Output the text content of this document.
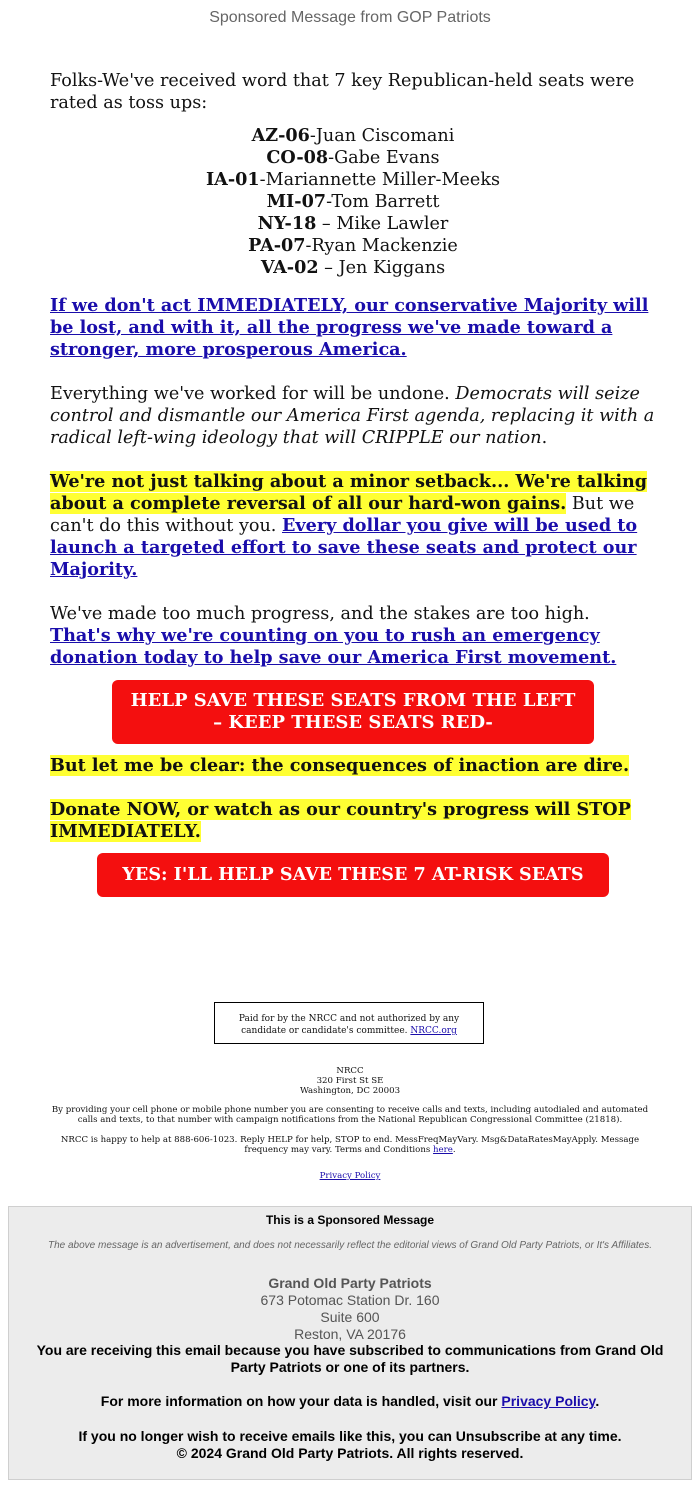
Sponsored Message from GOP Patriots

Folks-We've received word that 7 key Republican-held seats were rated as toss ups:

AZ-06-Juan Ciscomani
CO-08-Gabe Evans
IA-01-Mariannette Miller-Meeks
MI-07-Tom Barrett
NY-18 – Mike Lawler
PA-07-Ryan Mackenzie
VA-02 – Jen Kiggans

If we don't act IMMEDIATELY, our conservative Majority will be lost, and with it, all the progress we've made toward a stronger, more prosperous America.

Everything we've worked for will be undone. Democrats will seize control and dismantle our America First agenda, replacing it with a radical left-wing ideology that will CRIPPLE our nation.

We're not just talking about a minor setback... We're talking about a complete reversal of all our hard-won gains. But we can't do this without you. Every dollar you give will be used to launch a targeted effort to save these seats and protect our Majority.

We've made too much progress, and the stakes are too high. That's why we're counting on you to rush an emergency donation today to help save our America First movement.

HELP SAVE THESE SEATS FROM THE LEFT
– KEEP THESE SEATS RED-

But let me be clear: the consequences of inaction are dire.

Donate NOW, or watch as our country's progress will STOP IMMEDIATELY.

YES: I'LL HELP SAVE THESE 7 AT-RISK SEATS
Paid for by the NRCC and not authorized by any candidate or candidate's committee. NRCC.org
NRCC
320 First St SE
Washington, DC 20003
By providing your cell phone or mobile phone number you are consenting to receive calls and texts, including autodialed and automated calls and texts, to that number with campaign notifications from the National Republican Congressional Committee (21818).
NRCC is happy to help at 888-606-1023. Reply HELP for help, STOP to end. MessFreqMayVary. Msg&DataRatesMayApply. Message frequency may vary. Terms and Conditions here.
Privacy Policy
This is a Sponsored Message
The above message is an advertisement, and does not necessarily reflect the editorial views of Grand Old Party Patriots, or It's Affiliates.
Grand Old Party Patriots
673 Potomac Station Dr. 160
Suite 600
Reston, VA 20176
You are receiving this email because you have subscribed to communications from Grand Old Party Patriots or one of its partners.
For more information on how your data is handled, visit our Privacy Policy.
If you no longer wish to receive emails like this, you can Unsubscribe at any time.
© 2024 Grand Old Party Patriots. All rights reserved.
